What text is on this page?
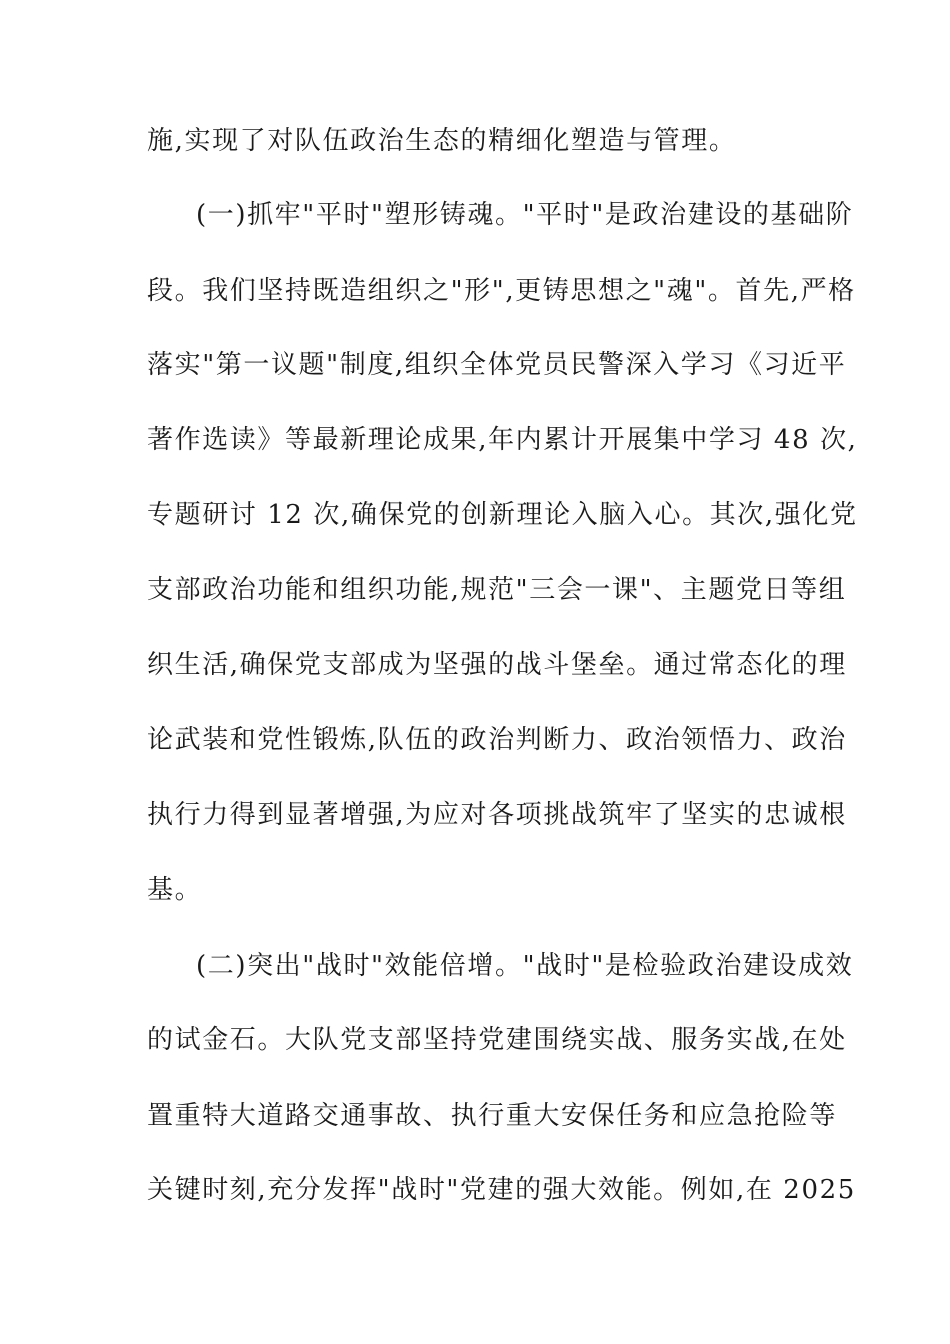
施,实现了对队伍政治生态的精细化塑造与管理。
(一)抓牢"平时"塑形铸魂。"平时"是政治建设的基础阶
段。我们坚持既造组织之"形",更铸思想之"魂"。首先,严格
落实"第一议题"制度,组织全体党员民警深入学习《习近平
著作选读》等最新理论成果,年内累计开展集中学习 48 次,
专题研讨 12 次,确保党的创新理论入脑入心。其次,强化党
支部政治功能和组织功能,规范"三会一课"、主题党日等组
织生活,确保党支部成为坚强的战斗堡垒。通过常态化的理
论武装和党性锻炼,队伍的政治判断力、政治领悟力、政治
执行力得到显著增强,为应对各项挑战筑牢了坚实的忠诚根
基。
(二)突出"战时"效能倍增。"战时"是检验政治建设成效
的试金石。大队党支部坚持党建围绕实战、服务实战,在处
置重特大道路交通事故、执行重大安保任务和应急抢险等
关键时刻,充分发挥"战时"党建的强大效能。例如,在 2025
